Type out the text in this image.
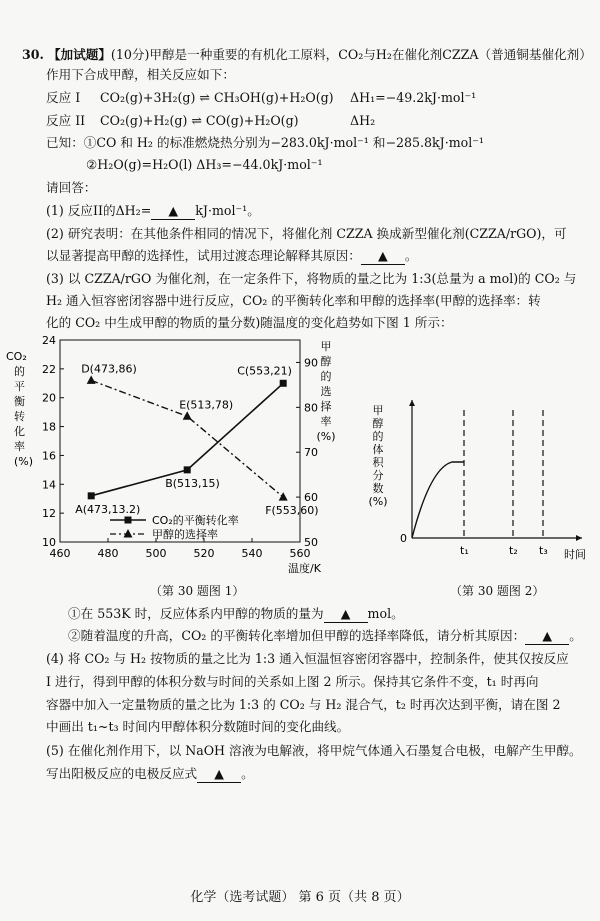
30. 【加试题】(10分)甲醇是一种重要的有机化工原料，CO₂与H₂在催化剂CZZA（普通铜基催化剂）
作用下合成甲醇，相关反应如下：
反应 I CO₂(g)+3H₂(g) ⇌ CH₃OH(g)+H₂O(g) ΔH₁=−49.2kJ·mol⁻¹
反应 II CO₂(g)+H₂(g) ⇌ CO(g)+H₂O(g)	ΔH₂
已知：①CO 和 H₂ 的标准燃烧热分别为−283.0kJ·mol⁻¹ 和−285.8kJ·mol⁻¹
②H₂O(g)=H₂O(l) ΔH₃=−44.0kJ·mol⁻¹
请回答：
(1) 反应II的ΔH₂= ▲ kJ·mol⁻¹。
(2) 研究表明：在其他条件相同的情况下，将催化剂 CZZA 换成新型催化剂(CZZA/rGO)，可
以显著提高甲醇的选择性，试用过渡态理论解释其原因： ▲ 。
(3) 以 CZZA/rGO 为催化剂，在一定条件下，将物质的量之比为 1:3(总量为 a mol)的 CO₂ 与
H₂ 通入恒容密闭容器中进行反应，CO₂ 的平衡转化率和甲醇的选择率(甲醇的选择率：转
化的 CO₂ 中生成甲醇的物质的量分数)随温度的变化趋势如下图 1 所示：
460 480 500 520 540 560
10
12
14
16
18
20
22
24
50
60
70
80
90
温度/K
CO₂
的
平
衡
转
化
率
(%)
甲
醇
的
选
择
率
(%)
A(473,13.2)
B(513,15)
C(553,21)
D(473,86)
E(513,78)
F(553,60)
CO₂的平衡转化率
甲醇的选择率	0
时间
甲
醇
的
体
积
分
数
(%)
t₁	t₂ t₃
（第 30 题图 1）	（第 30 题图 2）
①在 553K 时，反应体系内甲醇的物质的量为 ▲ mol。
②随着温度的升高，CO₂ 的平衡转化率增加但甲醇的选择率降低，请分析其原因： ▲ 。
(4) 将 CO₂ 与 H₂ 按物质的量之比为 1:3 通入恒温恒容密闭容器中，控制条件，使其仅按反应
I 进行，得到甲醇的体积分数与时间的关系如上图 2 所示。保持其它条件不变，t₁ 时再向
容器中加入一定量物质的量之比为 1:3 的 CO₂ 与 H₂ 混合气，t₂ 时再次达到平衡，请在图 2
中画出 t₁~t₃ 时间内甲醇体积分数随时间的变化曲线。
(5) 在催化剂作用下，以 NaOH 溶液为电解液，将甲烷气体通入石墨复合电极，电解产生甲醇。
写出阳极反应的电极反应式 ▲ 。
化学（选考试题） 第 6 页（共 8 页）
